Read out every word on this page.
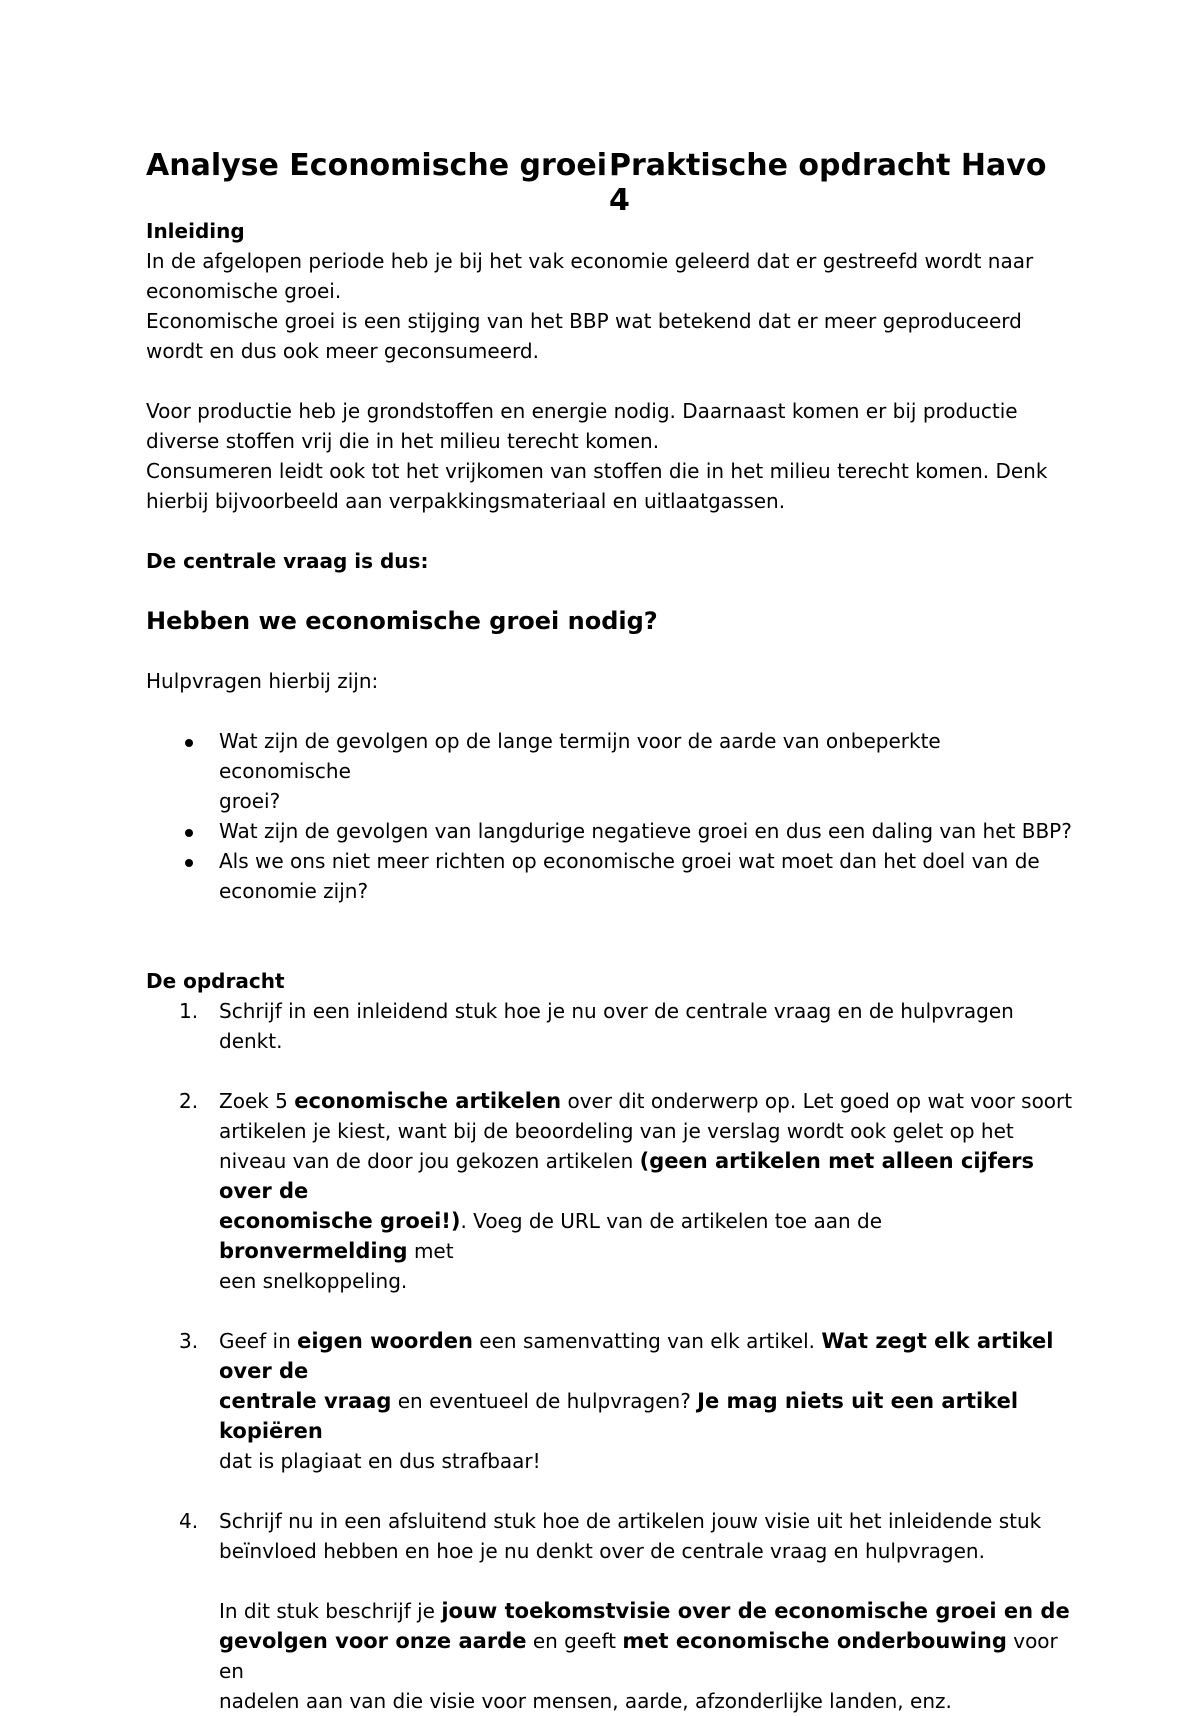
Analyse Economische groei Praktische opdracht Havo 4

Inleiding

In de afgelopen periode heb je bij het vak economie geleerd dat er gestreefd wordt naar

economische groei.

Economische groei is een stijging van het BBP wat betekend dat er meer geproduceerd

wordt en dus ook meer geconsumeerd.

Voor productie heb je grondstoffen en energie nodig. Daarnaast komen er bij productie

diverse stoffen vrij die in het milieu terecht komen.

Consumeren leidt ook tot het vrijkomen van stoffen die in het milieu terecht komen. Denk

hierbij bijvoorbeeld aan verpakkingsmateriaal en uitlaatgassen.

De centrale vraag is dus:

Hebben we economische groei nodig?

Hulpvragen hierbij zijn:

Wat zijn de gevolgen op de lange termijn voor de aarde van onbeperkte economische
groei?
Wat zijn de gevolgen van langdurige negatieve groei en dus een daling van het BBP?
Als we ons niet meer richten op economische groei wat moet dan het doel van de
economie zijn?

De opdracht

1. Schrijf in een inleidend stuk hoe je nu over de centrale vraag en de hulpvragen denkt.
2. Zoek 5 economische artikelen over dit onderwerp op. Let goed op wat voor soort
artikelen je kiest, want bij de beoordeling van je verslag wordt ook gelet op het
niveau van de door jou gekozen artikelen (geen artikelen met alleen cijfers over de
economische groei!). Voeg de URL van de artikelen toe aan de bronvermelding met
een snelkoppeling.
3. Geef in eigen woorden een samenvatting van elk artikel. Wat zegt elk artikel over de
centrale vraag en eventueel de hulpvragen? Je mag niets uit een artikel kopiëren
dat is plagiaat en dus strafbaar!
4. Schrijf nu in een afsluitend stuk hoe de artikelen jouw visie uit het inleidende stuk
beïnvloed hebben en hoe je nu denkt over de centrale vraag en hulpvragen.

In dit stuk beschrijf je jouw toekomstvisie over de economische groei en de
gevolgen voor onze aarde en geeft met economische onderbouwing voor en
nadelen aan van die visie voor mensen, aarde, afzonderlijke landen, enz.
